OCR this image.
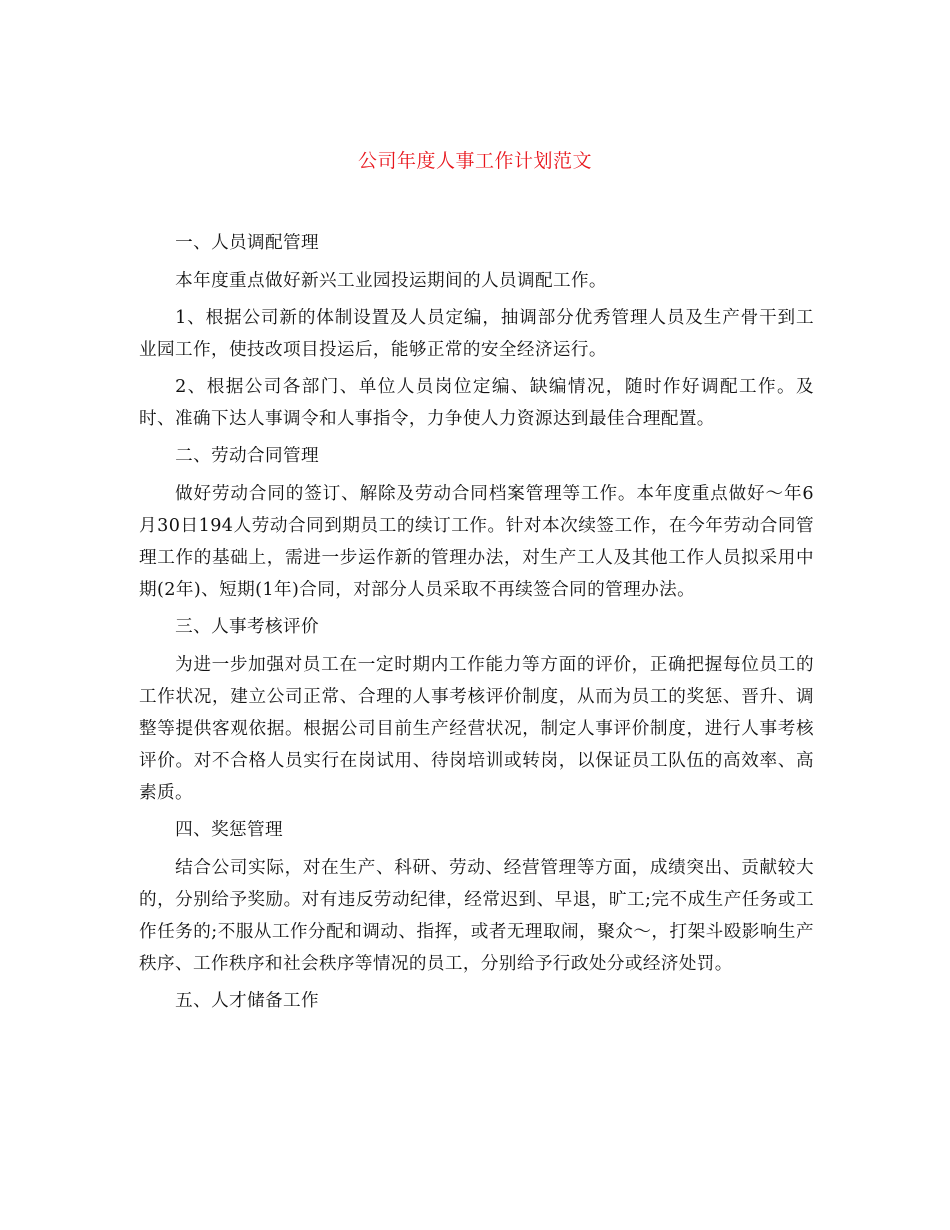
公司年度人事工作计划范文

一、人员调配管理

本年度重点做好新兴工业园投运期间的人员调配工作。

1、根据公司新的体制设置及人员定编，抽调部分优秀管理人员及生产骨干到工业园工作，使技改项目投运后，能够正常的安全经济运行。

2、根据公司各部门、单位人员岗位定编、缺编情况，随时作好调配工作。及时、准确下达人事调令和人事指令，力争使人力资源达到最佳合理配置。

二、劳动合同管理

做好劳动合同的签订、解除及劳动合同档案管理等工作。本年度重点做好～年6月30日194人劳动合同到期员工的续订工作。针对本次续签工作，在今年劳动合同管理工作的基础上，需进一步运作新的管理办法，对生产工人及其他工作人员拟采用中期(2年)、短期(1年)合同，对部分人员采取不再续签合同的管理办法。

三、人事考核评价

为进一步加强对员工在一定时期内工作能力等方面的评价，正确把握每位员工的工作状况，建立公司正常、合理的人事考核评价制度，从而为员工的奖惩、晋升、调整等提供客观依据。根据公司目前生产经营状况，制定人事评价制度，进行人事考核评价。对不合格人员实行在岗试用、待岗培训或转岗，以保证员工队伍的高效率、高素质。

四、奖惩管理

结合公司实际，对在生产、科研、劳动、经营管理等方面，成绩突出、贡献较大的，分别给予奖励。对有违反劳动纪律，经常迟到、早退，旷工;完不成生产任务或工作任务的;不服从工作分配和调动、指挥，或者无理取闹，聚众～，打架斗殴影响生产秩序、工作秩序和社会秩序等情况的员工，分别给予行政处分或经济处罚。

五、人才储备工作
